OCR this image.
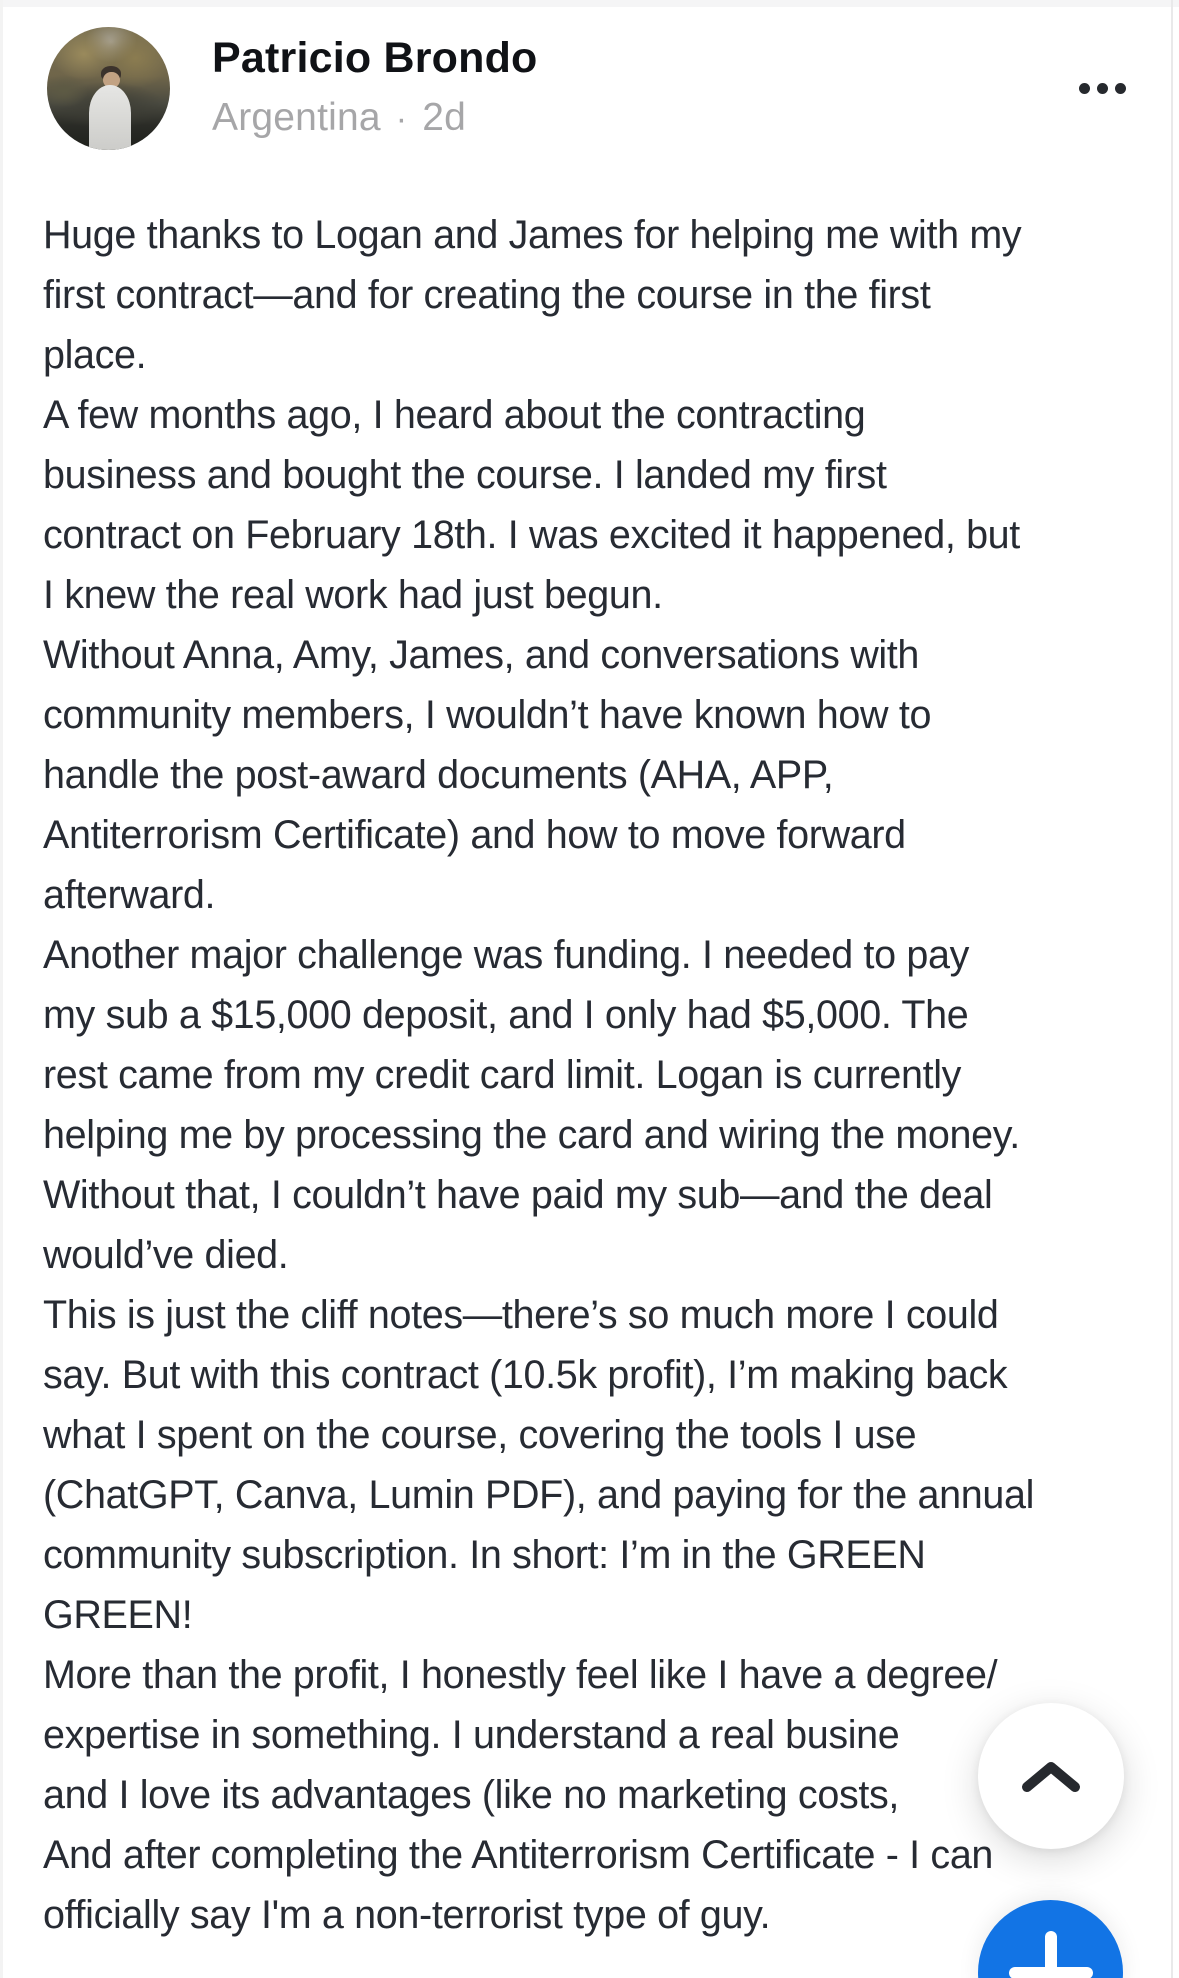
Patricio Brondo
Argentina · 2d
Huge thanks to Logan and James for helping me with my
first contract—and for creating the course in the first
place.
A few months ago, I heard about the contracting
business and bought the course. I landed my first
contract on February 18th. I was excited it happened, but
I knew the real work had just begun.
Without Anna, Amy, James, and conversations with
community members, I wouldn’t have known how to
handle the post-award documents (AHA, APP,
Antiterrorism Certificate) and how to move forward
afterward.
Another major challenge was funding. I needed to pay
my sub a $15,000 deposit, and I only had $5,000. The
rest came from my credit card limit. Logan is currently
helping me by processing the card and wiring the money.
Without that, I couldn’t have paid my sub—and the deal
would’ve died.
This is just the cliff notes—there’s so much more I could
say. But with this contract (10.5k profit), I’m making back
what I spent on the course, covering the tools I use
(ChatGPT, Canva, Lumin PDF), and paying for the annual
community subscription. In short: I’m in the GREEN
GREEN!
More than the profit, I honestly feel like I have a degree/
expertise in something. I understand a real busine
and I love its advantages (like no marketing costs,
And after completing the Antiterrorism Certificate - I can
officially say I'm a non-terrorist type of guy.
